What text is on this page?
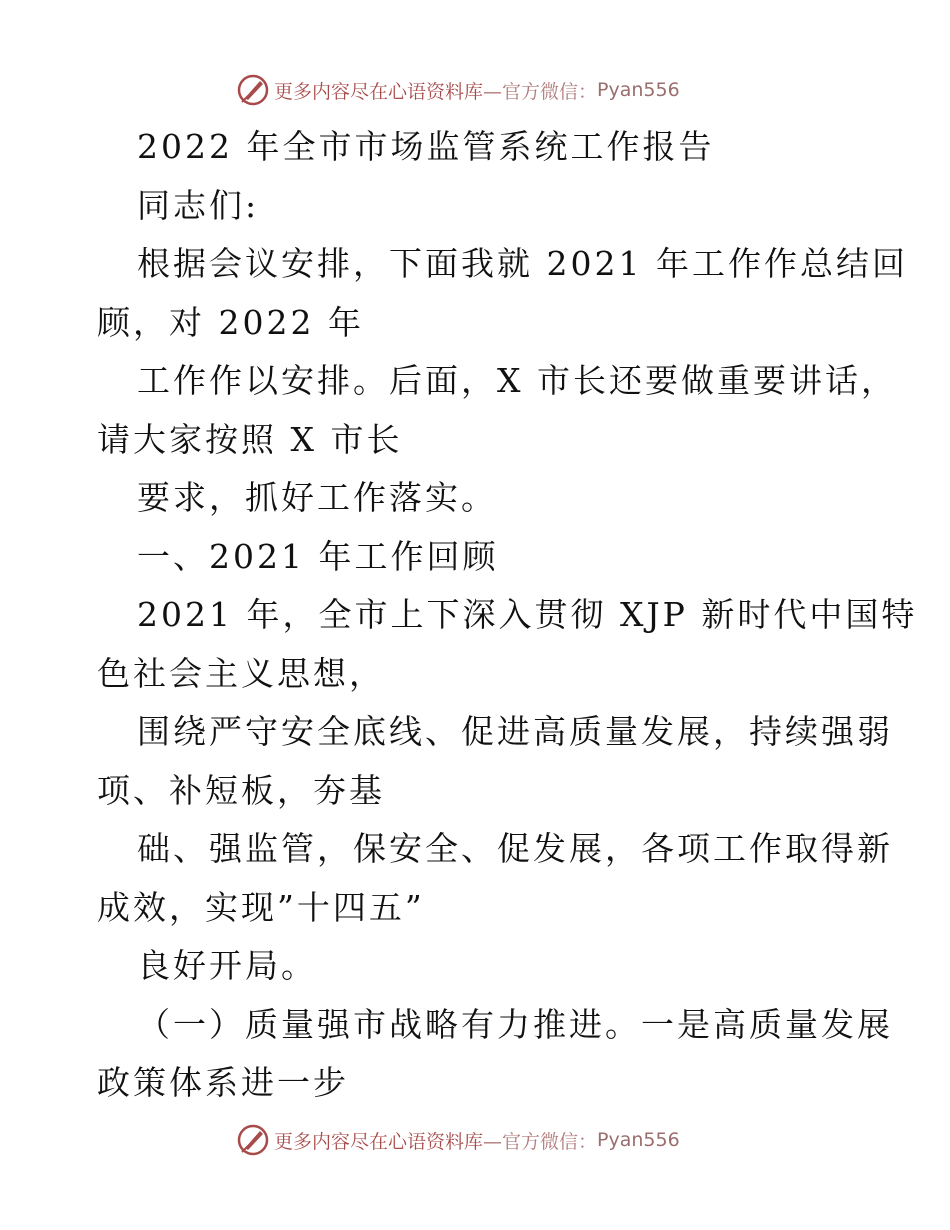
更多内容尽在心语资料库 —官方微信： Pyan556
2022 年全市市场监管系统工作报告
同志们:
根据会议安排，下面我就 2021 年工作作总结回
顾，对 2022 年
工作作以安排。后面，X 市长还要做重要讲话，
请大家按照 X 市长
要求，抓好工作落实。
一、2021 年工作回顾
2021 年，全市上下深入贯彻 XJP 新时代中国特
色社会主义思想，
围绕严守安全底线、促进高质量发展，持续强弱
项、补短板，夯基
础、强监管，保安全、促发展，各项工作取得新
成效，实现”十四五”
良好开局。
（一）质量强市战略有力推进。一是高质量发展
政策体系进一步
更多内容尽在心语资料库 —官方微信： Pyan556
